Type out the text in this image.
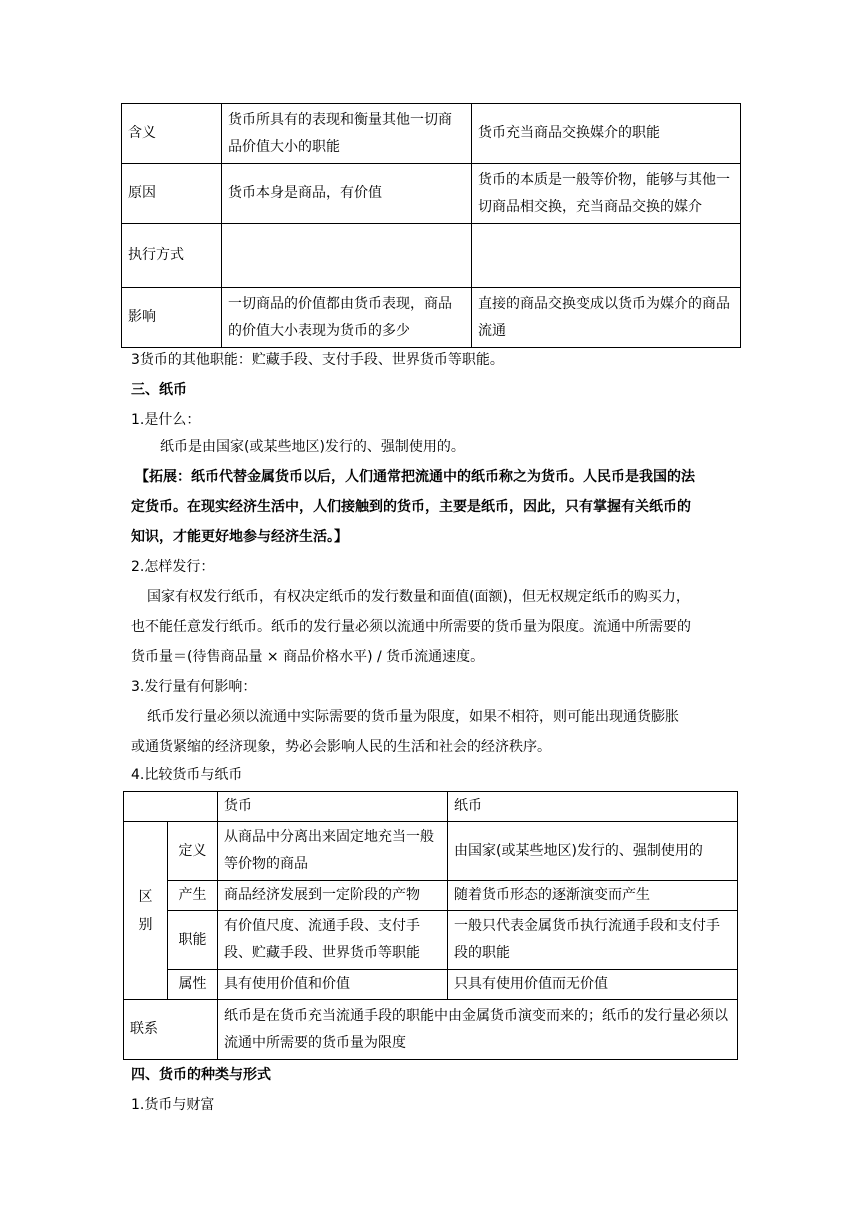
含义	货币所具有的表现和衡量其他一切商品价值大小的职能	货币充当商品交换媒介的职能
原因	货币本身是商品，有价值	货币的本质是一般等价物，能够与其他一切商品相交换，充当商品交换的媒介
执行方式		
影响	一切商品的价值都由货币表现，商品的价值大小表现为货币的多少	直接的商品交换变成以货币为媒介的商品流通
3货币的其他职能：贮藏手段、支付手段、世界货币等职能。
三、纸币
1.是什么：
纸币是由国家(或某些地区)发行的、强制使用的。
【拓展：纸币代替金属货币以后，人们通常把流通中的纸币称之为货币。人民币是我国的法
定货币。在现实经济生活中，人们接触到的货币，主要是纸币，因此，只有掌握有关纸币的
知识，才能更好地参与经济生活。】
2.怎样发行：
国家有权发行纸币，有权决定纸币的发行数量和面值(面额)，但无权规定纸币的购买力，
也不能任意发行纸币。纸币的发行量必须以流通中所需要的货币量为限度。流通中所需要的
货币量＝(待售商品量 × 商品价格水平) / 货币流通速度。
3.发行量有何影响：
纸币发行量必须以流通中实际需要的货币量为限度，如果不相符，则可能出现通货膨胀
或通货紧缩的经济现象，势必会影响人民的生活和社会的经济秩序。
4.比较货币与纸币
		货币	纸币
区别	定义	从商品中分离出来固定地充当一般等价物的商品	由国家(或某些地区)发行的、强制使用的
	产生	商品经济发展到一定阶段的产物	随着货币形态的逐渐演变而产生
	职能	有价值尺度、流通手段、支付手段、贮藏手段、世界货币等职能	一般只代表金属货币执行流通手段和支付手段的职能
	属性	具有使用价值和价值	只具有使用价值而无价值
联系		纸币是在货币充当流通手段的职能中由金属货币演变而来的；纸币的发行量必须以流通中所需要的货币量为限度	
四、货币的种类与形式
1.货币与财富
